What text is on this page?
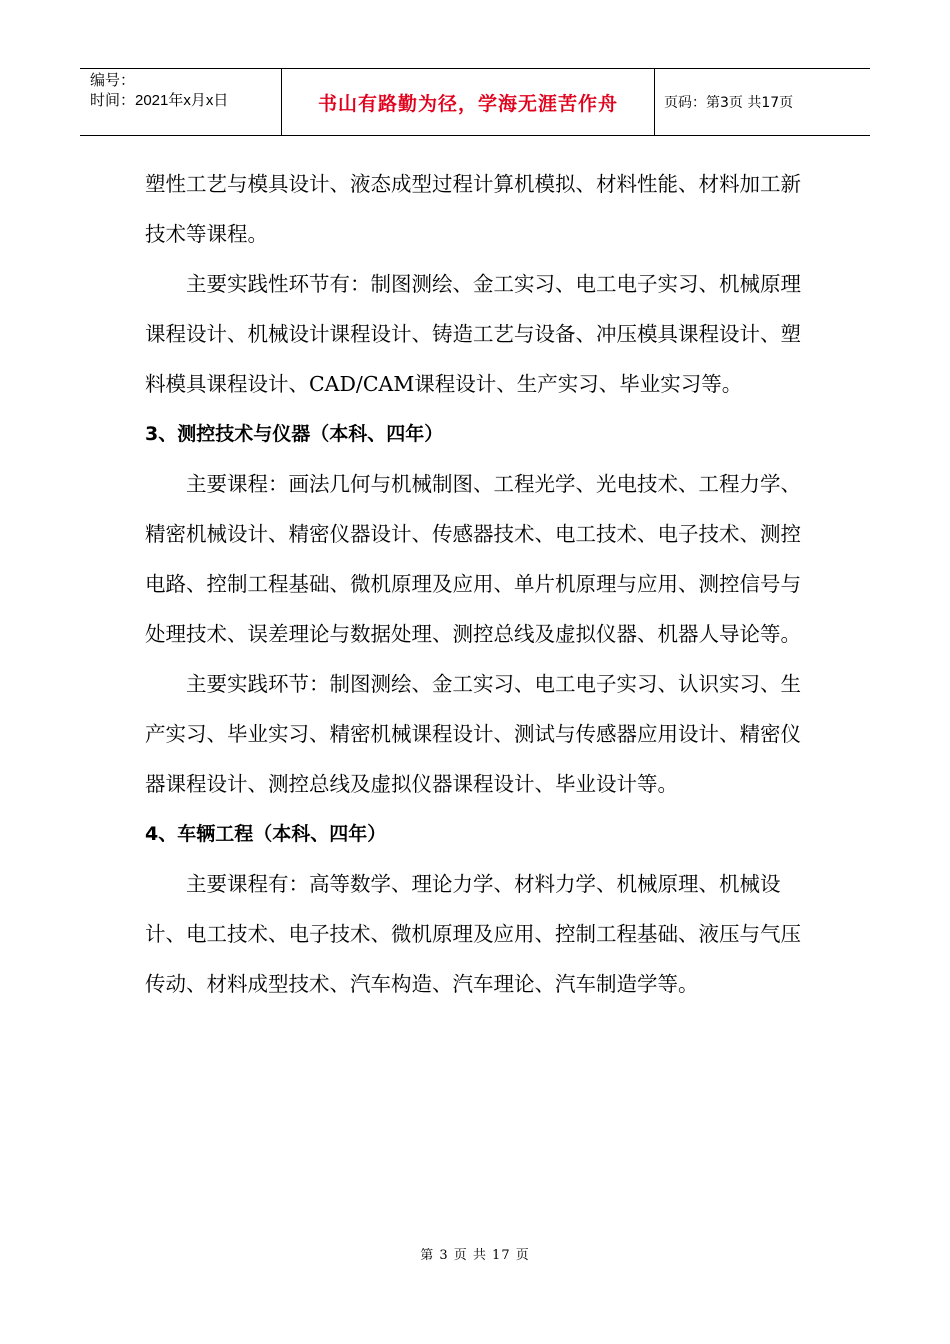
编号：
时间：2021年x月x日	书山有路勤为径，学海无涯苦作舟	页码：第3页 共17页

塑性工艺与模具设计、液态成型过程计算机模拟、材料性能、材料加工新技术等课程。

主要实践性环节有：制图测绘、金工实习、电工电子实习、机械原理课程设计、机械设计课程设计、铸造工艺与设备、冲压模具课程设计、塑料模具课程设计、CAD/CAM课程设计、生产实习、毕业实习等。

3、测控技术与仪器（本科、四年）

主要课程：画法几何与机械制图、工程光学、光电技术、工程力学、精密机械设计、精密仪器设计、传感器技术、电工技术、电子技术、测控电路、控制工程基础、微机原理及应用、单片机原理与应用、测控信号与处理技术、误差理论与数据处理、测控总线及虚拟仪器、机器人导论等。

主要实践环节：制图测绘、金工实习、电工电子实习、认识实习、生产实习、毕业实习、精密机械课程设计、测试与传感器应用设计、精密仪器课程设计、测控总线及虚拟仪器课程设计、毕业设计等。

4、车辆工程（本科、四年）

主要课程有：高等数学、理论力学、材料力学、机械原理、机械设计、电工技术、电子技术、微机原理及应用、控制工程基础、液压与气压传动、材料成型技术、汽车构造、汽车理论、汽车制造学等。

第 3 页 共 17 页
